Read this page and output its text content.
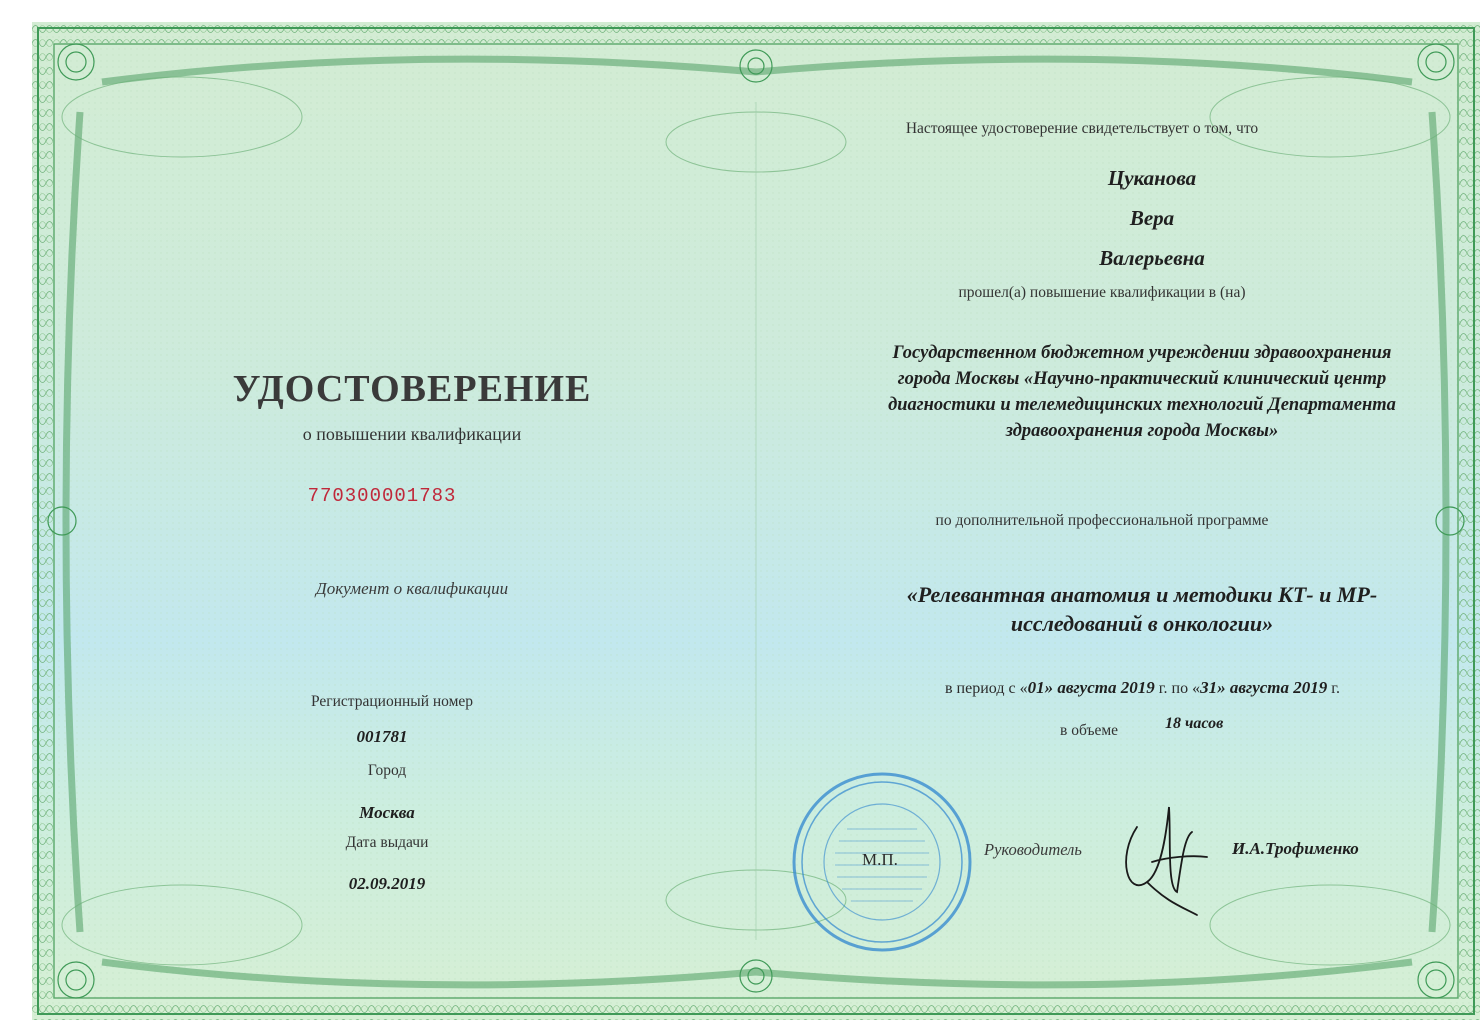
УДОСТОВЕРЕНИЕ
о повышении квалификации
770300001783
Документ о квалификации
Регистрационный номер
001781
Город
Москва
Дата выдачи
02.09.2019
Настоящее удостоверение свидетельствует о том, что
Цуканова
Вера
Валерьевна
прошел(а) повышение квалификации в (на)
Государственном бюджетном учреждении здравоохранения
города Москвы «Научно-практический клинический центр
диагностики и телемедицинских технологий Департамента
здравоохранения города Москвы»
по дополнительной профессиональной программе
«Релевантная анатомия и методики КТ- и МР-
исследований в онкологии»
в период с «01» августа 2019 г. по «31» августа 2019 г.
в объеме	18 часов
М.П.
Руководитель	И.А.Трофименко
